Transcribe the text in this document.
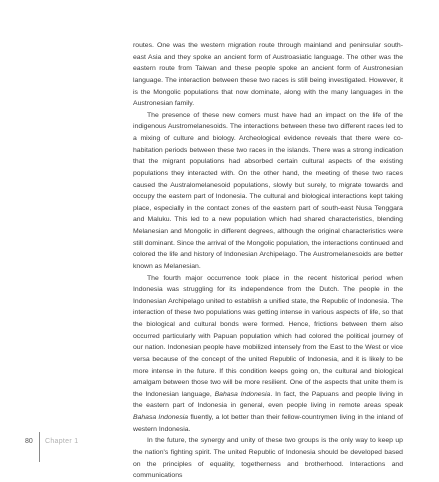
routes. One was the western migration route through mainland and peninsular south-east Asia and they spoke an ancient form of Austroasiatic language. The other was the eastern route from Taiwan and these people spoke an ancient form of Austronesian language. The interaction between these two races is still being investigated. However, it is the Mongolic populations that now dominate, along with the many languages in the Austronesian family.

The presence of these new comers must have had an impact on the life of the indigenous Austromelanesoids. The interactions between these two different races led to a mixing of culture and biology. Archeological evidence reveals that there were co-habitation periods between these two races in the islands. There was a strong indication that the migrant populations had absorbed certain cultural aspects of the existing populations they interacted with. On the other hand, the meeting of these two races caused the Australomelanesoid populations, slowly but surely, to migrate towards and occupy the eastern part of Indonesia. The cultural and biological interactions kept taking place, especially in the contact zones of the eastern part of south-east Nusa Tenggara and Maluku. This led to a new population which had shared characteristics, blending Melanesian and Mongolic in different degrees, although the original characteristics were still dominant. Since the arrival of the Mongolic population, the interactions continued and colored the life and history of Indonesian Archipelago. The Austromelanesoids are better known as Melanesian.

The fourth major occurrence took place in the recent historical period when Indonesia was struggling for its independence from the Dutch. The people in the Indonesian Archipelago united to establish a unified state, the Republic of Indonesia. The interaction of these two populations was getting intense in various aspects of life, so that the biological and cultural bonds were formed. Hence, frictions between them also occurred particularly with Papuan population which had colored the political journey of our nation. Indonesian people have mobilized intensely from the East to the West or vice versa because of the concept of the united Republic of Indonesia, and it is likely to be more intense in the future. If this condition keeps going on, the cultural and biological amalgam between those two will be more resilient. One of the aspects that unite them is the Indonesian language, Bahasa Indonesia. In fact, the Papuans and people living in the eastern part of Indonesia in general, even people living in remote areas speak Bahasa Indonesia fluently, a lot better than their fellow-countrymen living in the inland of western Indonesia.

In the future, the synergy and unity of these two groups is the only way to keep up the nation's fighting spirit. The united Republic of Indonesia should be developed based on the principles of equality, togetherness and brotherhood. Interactions and communications

80 Chapter 1
